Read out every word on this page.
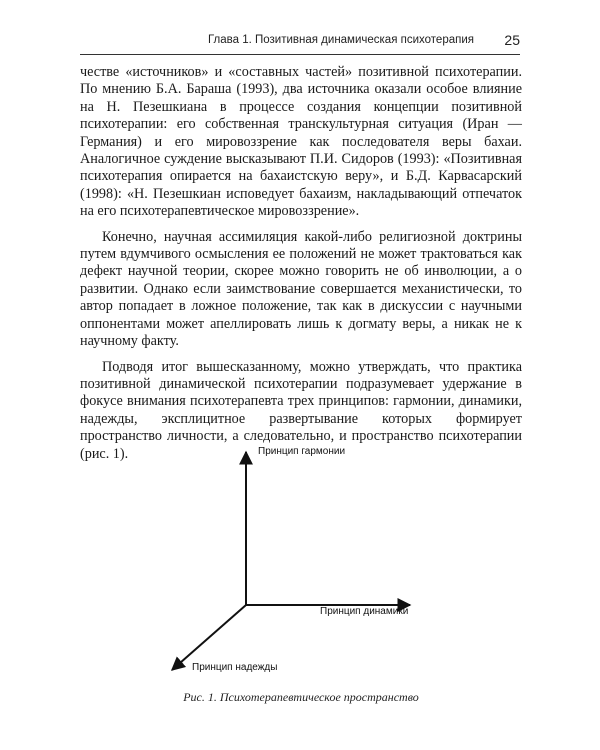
Глава 1. Позитивная динамическая психотерапия 25

честве «источников» и «составных частей» позитивной психотерапии. По мнению Б.А. Бараша (1993), два источника оказали особое влияние на Н. Пезешкиана в процессе создания концепции позитивной психотерапии: его собственная транскультурная ситуация (Иран — Германия) и его мировоззрение как последователя веры бахаи. Аналогичное суждение высказывают П.И. Сидоров (1993): «Позитивная психотерапия опирается на бахаистскую веру», и Б.Д. Карвасарский (1998): «Н. Пезешкиан исповедует бахаизм, накладывающий отпечаток на его психотерапевтическое мировоззрение».

Конечно, научная ассимиляция какой-либо религиозной доктрины путем вдумчивого осмысления ее положений не может трактоваться как дефект научной теории, скорее можно говорить не об инволюции, а о развитии. Однако если заимствование совершается механистически, то автор попадает в ложное положение, так как в дискуссии с научными оппонентами может апеллировать лишь к догмату веры, а никак не к научному факту.

Подводя итог вышесказанному, можно утверждать, что практика позитивной динамической психотерапии подразумевает удержание в фокусе внимания психотерапевта трех принципов: гармонии, динамики, надежды, эксплицитное развертывание которых формирует пространство личности, а следовательно, и пространство психотерапии (рис. 1).	Принцип гармонии
Принцип динамики
Принцип надежды
Рис. 1. Психотерапевтическое пространство
